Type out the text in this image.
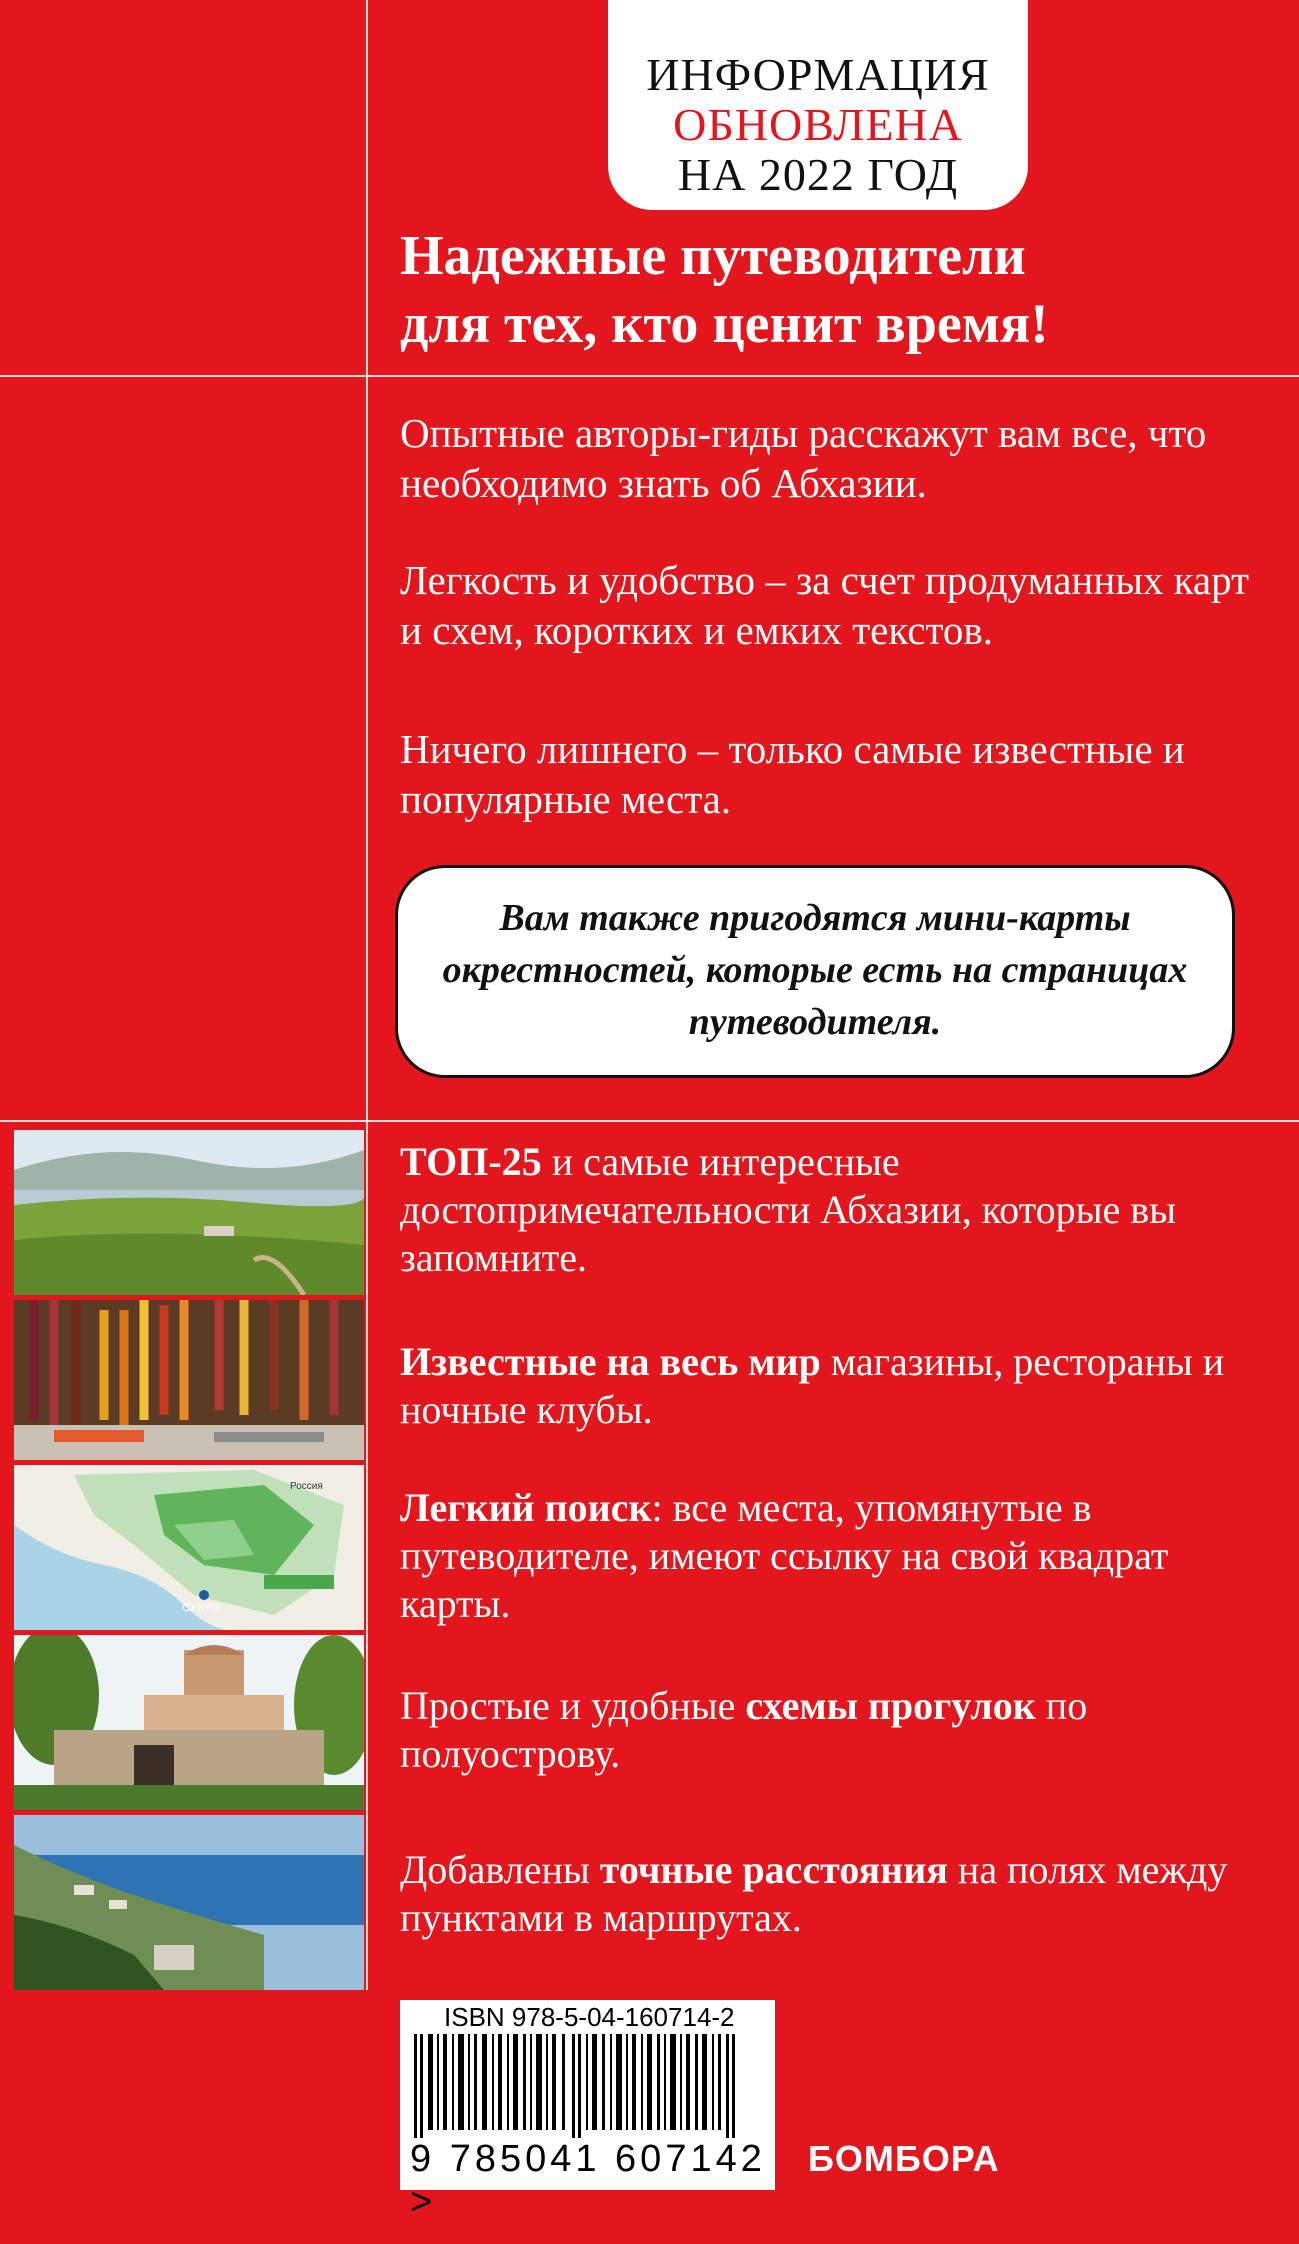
ИНФОРМАЦИЯ
ОБНОВЛЕНА
НА 2022 ГОД
Надежные путеводители
для тех, кто ценит время!
Опытные авторы-гиды расскажут вам все, что необходимо знать об Абхазии.
Легкость и удобство – за счет продуманных карт и схем, коротких и емких текстов.
Ничего лишнего – только самые известные и популярные места.
Вам также пригодятся мини-карты окрестностей, которые есть на страницах путеводителя.
Россия
СУХУМ
ТОП-25 и самые интересные достопримечательности Абхазии, которые вы запомните.
Известные на весь мир магазины, рестораны и ночные клубы.
Легкий поиск: все места, упомянутые в путеводителе, имеют ссылку на свой квадрат карты.
Простые и удобные схемы прогулок по полуострову.
Добавлены точные расстояния на полях между пунктами в маршрутах.
ISBN 978-5-04-160714-2
9 785041 607142 >
БОМБОРА
